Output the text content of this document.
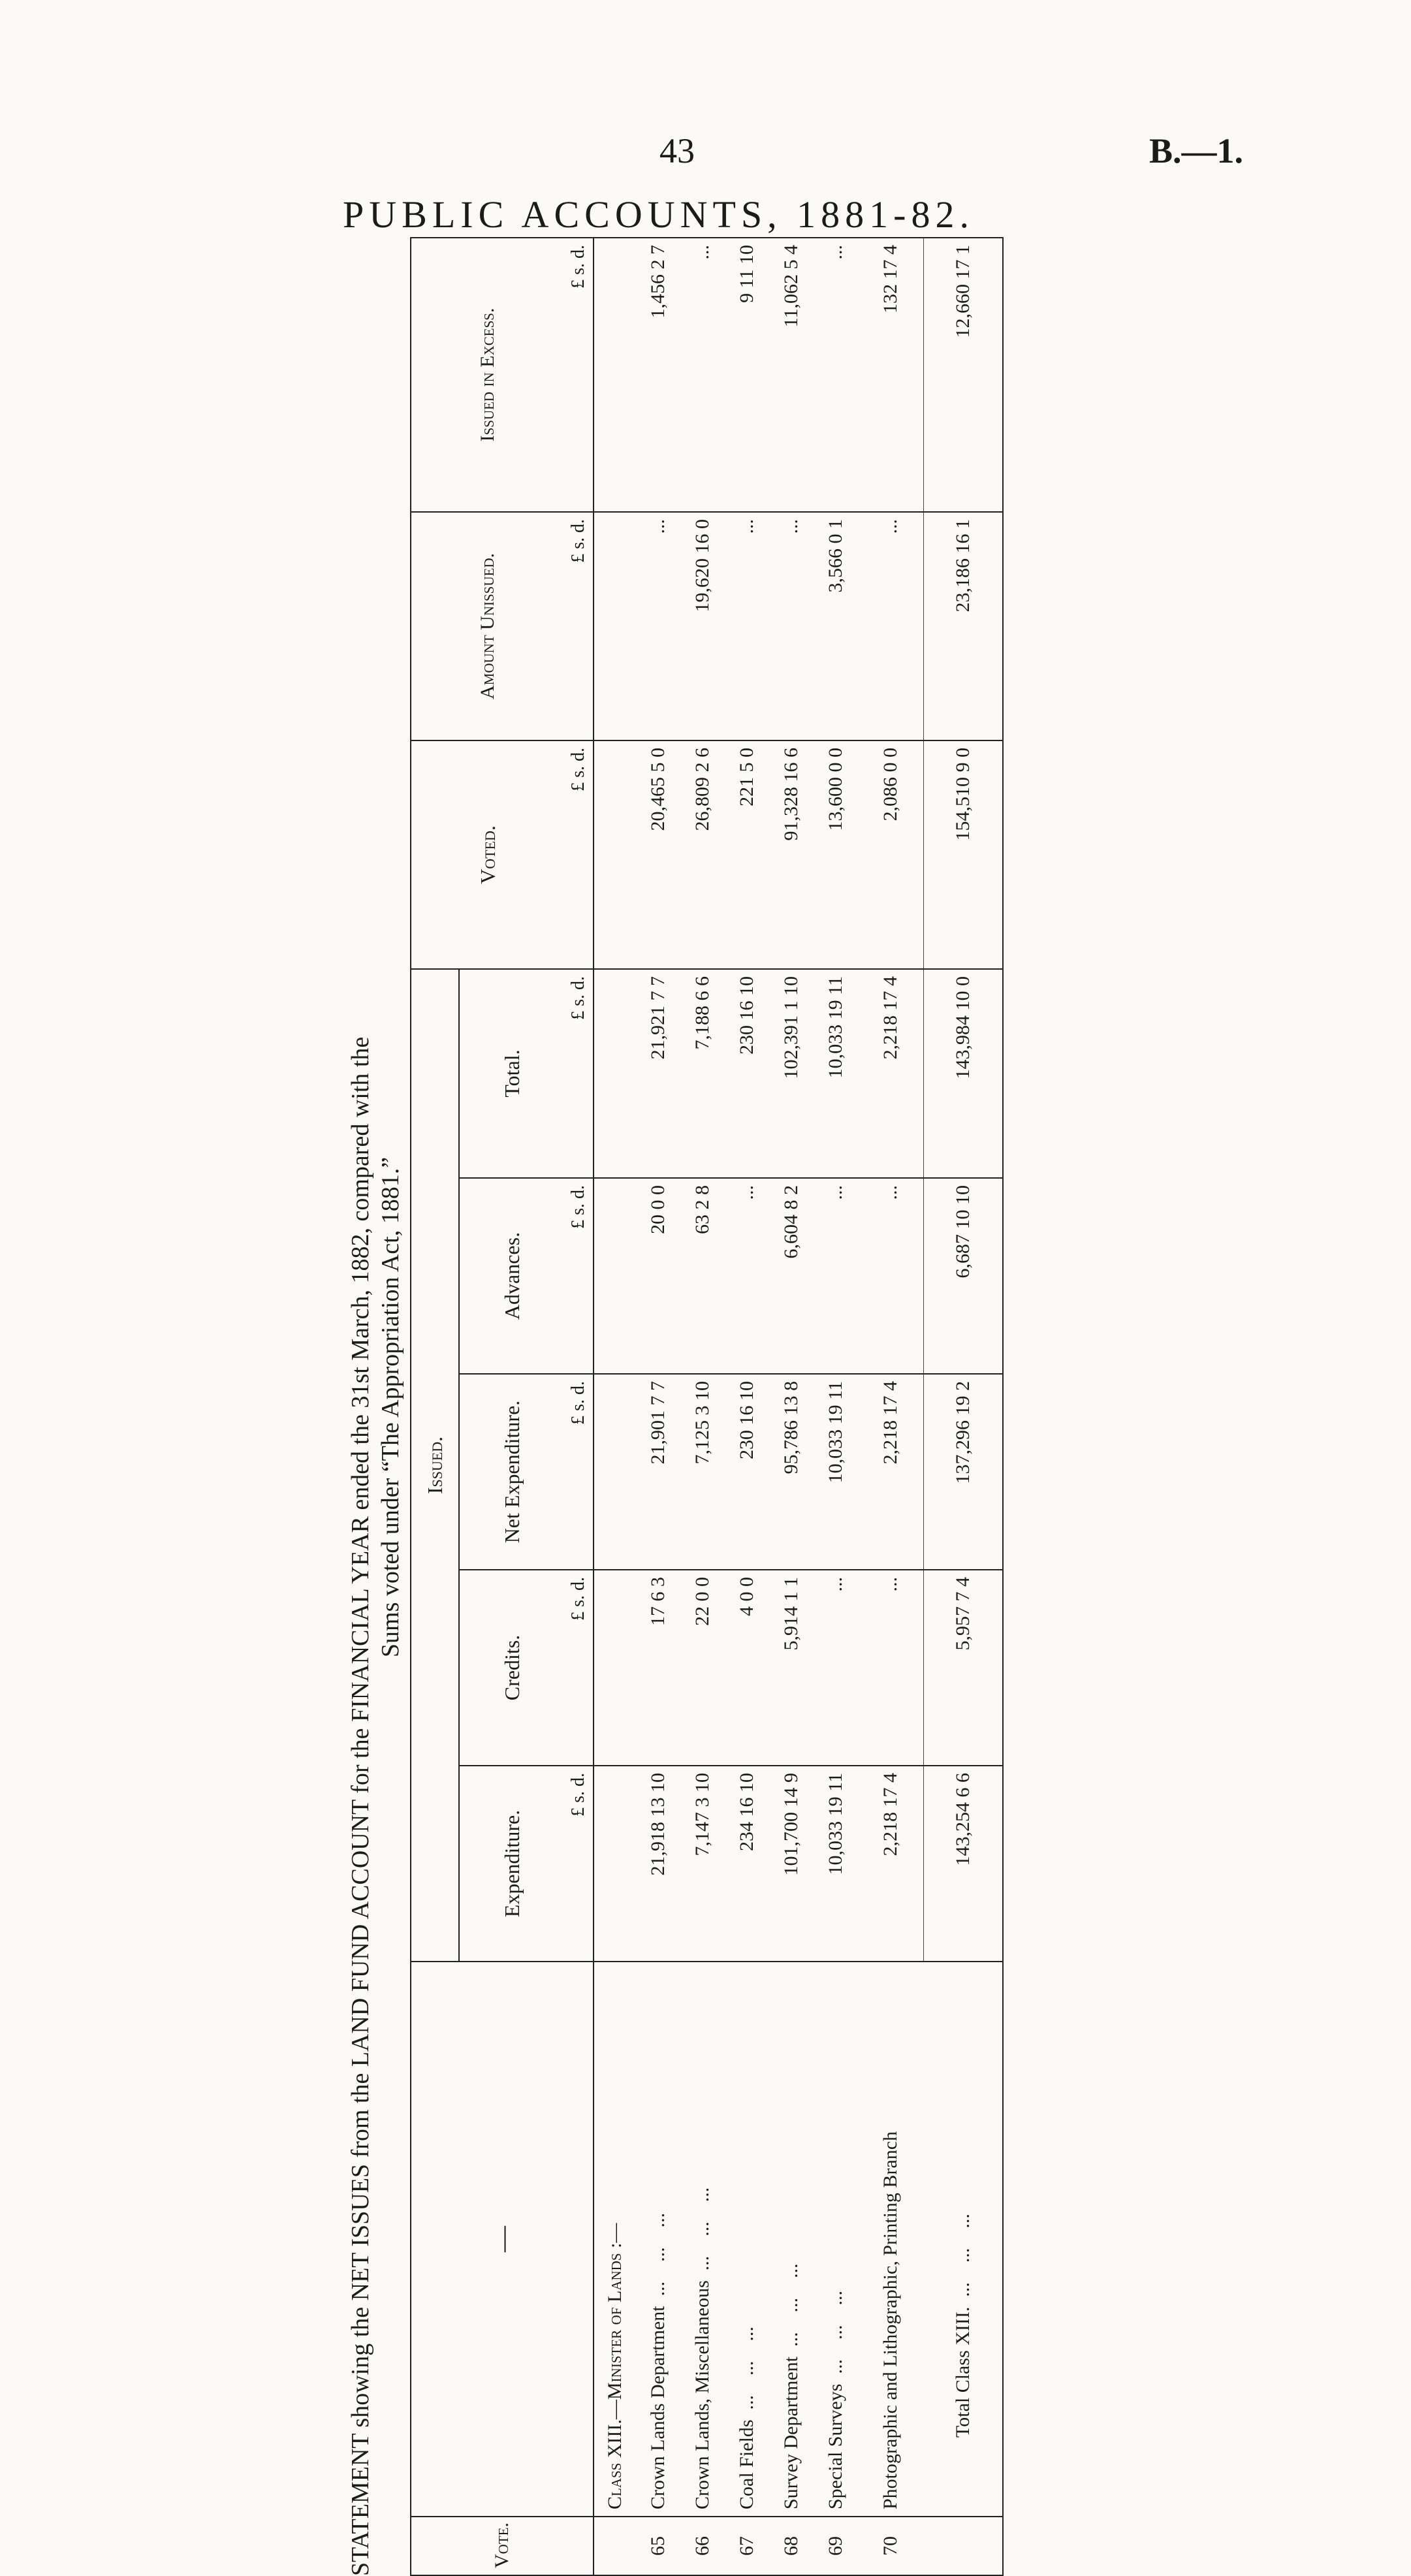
43	B.—1.
PUBLIC ACCOUNTS, 1881-82.
STATEMENT showing the NET ISSUES from the LAND FUND ACCOUNT for the FINANCIAL YEAR ended the 31st March, 1882, compared with the Sums voted under “The Appropriation Act, 1881.”
Vote.	—	Issued.					Voted.	Amount Unissued.	Issued in Excess.
		Expenditure.	Credits.	Net Expenditure.	Advances.	Total.			
		£ s. d.	£ s. d.	£ s. d.	£ s. d.	£ s. d.	£ s. d.	£ s. d.	£ s. d.
	Class XIII.—Minister of Lands :—								
65	Crown Lands Department ...	21,918 13 10	17 6 3	21,901 7 7	20 0 0	21,921 7 7	20,465 5 0	...	1,456 2 7
66	Crown Lands, Miscellaneous ...	7,147 3 10	22 0 0	7,125 3 10	63 2 8	7,188 6 6	26,809 2 6	19,620 16 0	...
67	Coal Fields ...	234 16 10	4 0 0	230 16 10	...	230 16 10	221 5 0	...	9 11 10
68	Survey Department ...	101,700 14 9	5,914 1 1	95,786 13 8	6,604 8 2	102,391 1 10	91,328 16 6	...	11,062 5 4
69	Special Surveys ...	10,033 19 11	...	10,033 19 11	...	10,033 19 11	13,600 0 0	3,566 0 1	...
70	Photographic and Lithographic, Printing Branch	2,218 17 4	...	2,218 17 4	...	2,218 17 4	2,086 0 0	...	132 17 4
	Total Class XIII. ...	143,254 6 6	5,957 7 4	137,296 19 2	6,687 10 10	143,984 10 0	154,510 9 0	23,186 16 1	12,660 17 1
